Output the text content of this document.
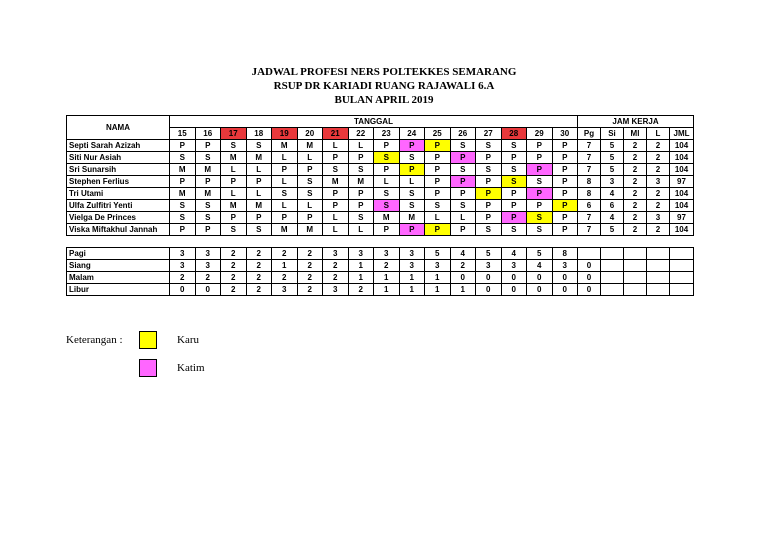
JADWAL PROFESI NERS POLTEKKES SEMARANG
RSUP DR KARIADI RUANG RAJAWALI 6.A
BULAN APRIL 2019
NAMA	TANGGAL																JAM KERJA				
	15	16	17	18	19	20	21	22	23	24	25	26	27	28	29	30	Pg	Si	Ml	L	JML
Septi Sarah Azizah	P	P	S	S	M	M	L	L	P	P	P	S	S	S	P	P	7	5	2	2	104
Siti Nur Asiah	S	S	M	M	L	L	P	P	S	S	P	P	P	P	P	P	7	5	2	2	104
Sri Sunarsih	M	M	L	L	P	P	S	S	P	P	P	S	S	S	P	P	7	5	2	2	104
Stephen Ferlius	P	P	P	P	L	S	M	M	L	L	P	P	P	S	S	P	8	3	2	3	97
Tri Utami	M	M	L	L	S	S	P	P	S	S	P	P	P	P	P	P	8	4	2	2	104
Ulfa Zulfitri Yenti	S	S	M	M	L	L	P	P	S	S	S	S	P	P	P	P	6	6	2	2	104
Vielga De Princes	S	S	P	P	P	P	L	S	M	M	L	L	P	P	S	P	7	4	2	3	97
Viska Miftakhul Jannah	P	P	S	S	M	M	L	L	P	P	P	P	S	S	S	P	7	5	2	2	104

Pagi	3	3	2	2	2	2	3	3	3	3	5	4	5	4	5	8					
Siang	3	3	2	2	1	2	2	1	2	3	3	2	3	3	4	3	0				
Malam	2	2	2	2	2	2	2	1	1	1	1	0	0	0	0	0	0				
Libur	0	0	2	2	3	2	3	2	1	1	1	1	0	0	0	0	0				
Keterangan :	Karu
Katim
